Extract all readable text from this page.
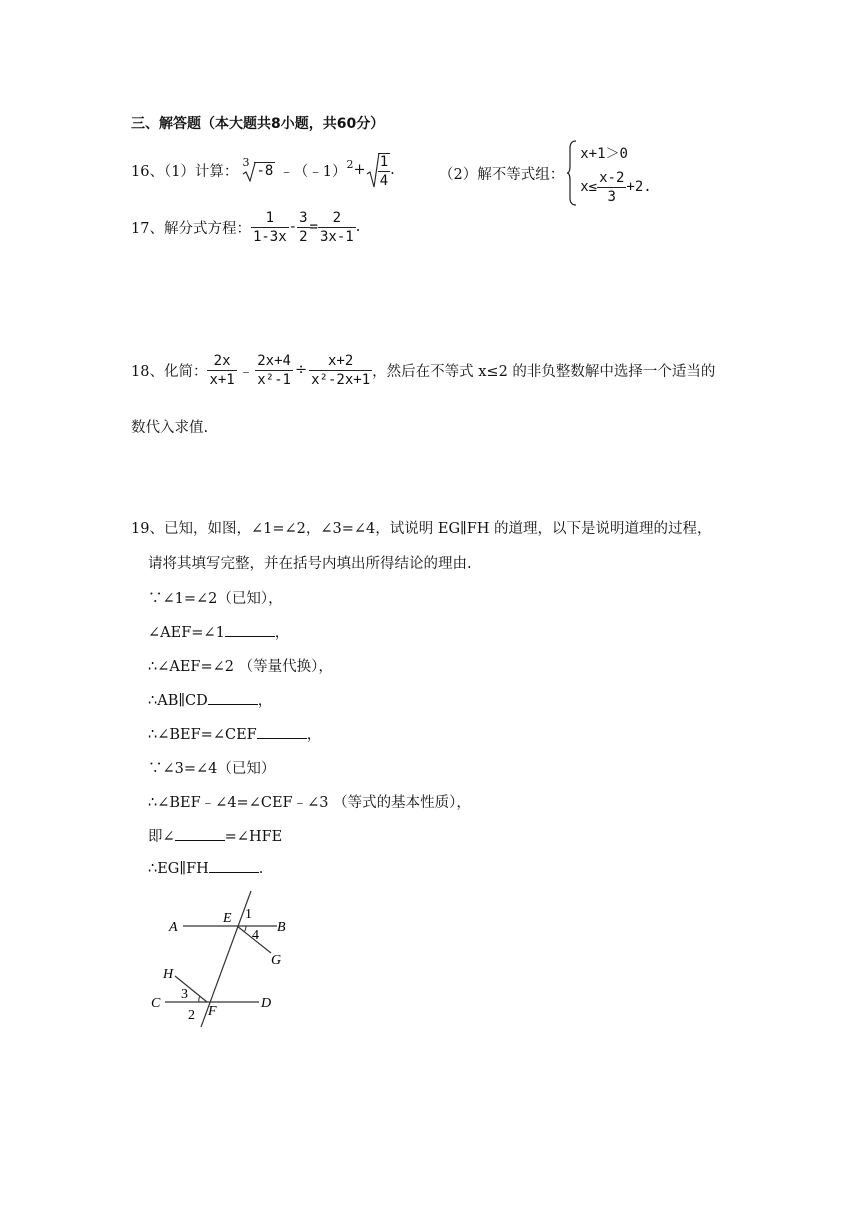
三、解答题（本大题共8小题，共60分）
16、（1）计算：
3
-8 ﹣（﹣1）$^2$ + $\frac{1}{4}$ .	（2）解不等式组：
x+1＞0
$x\le \frac{x-2}{3} +2$ .
17、解分式方程： $\frac{1}{1-3x} - \frac{3}{2} = \frac{2}{3x-1}$ .
18、化简： $\frac{2x}{x+1}$ ﹣ $\frac{2x+4}{\text{x²-1}} \div \frac{x+2}{\text{x²-2x+1}}$ ，然后在不等式 x≤2 的非负整数解中选择一个适当的
数代入求值.
19、已知，如图，∠1=∠2，∠3=∠4，试说明 EG∥FH 的道理，以下是说明道理的过程，
请将其填写完整，并在括号内填出所得结论的理由.
∵∠1=∠2（已知），
∠AEF=∠1	，
∴∠AEF=∠2 （等量代换），
∴AB∥CD	，
∴∠BEF=∠CEF	，
∵∠3=∠4（已知）
∴∠BEF﹣∠4=∠CEF﹣∠3 （等式的基本性质），
即∠	=∠HFE
∴EG∥FH	.
A
E 1
B
4
G
H
3
C
2 F
D
